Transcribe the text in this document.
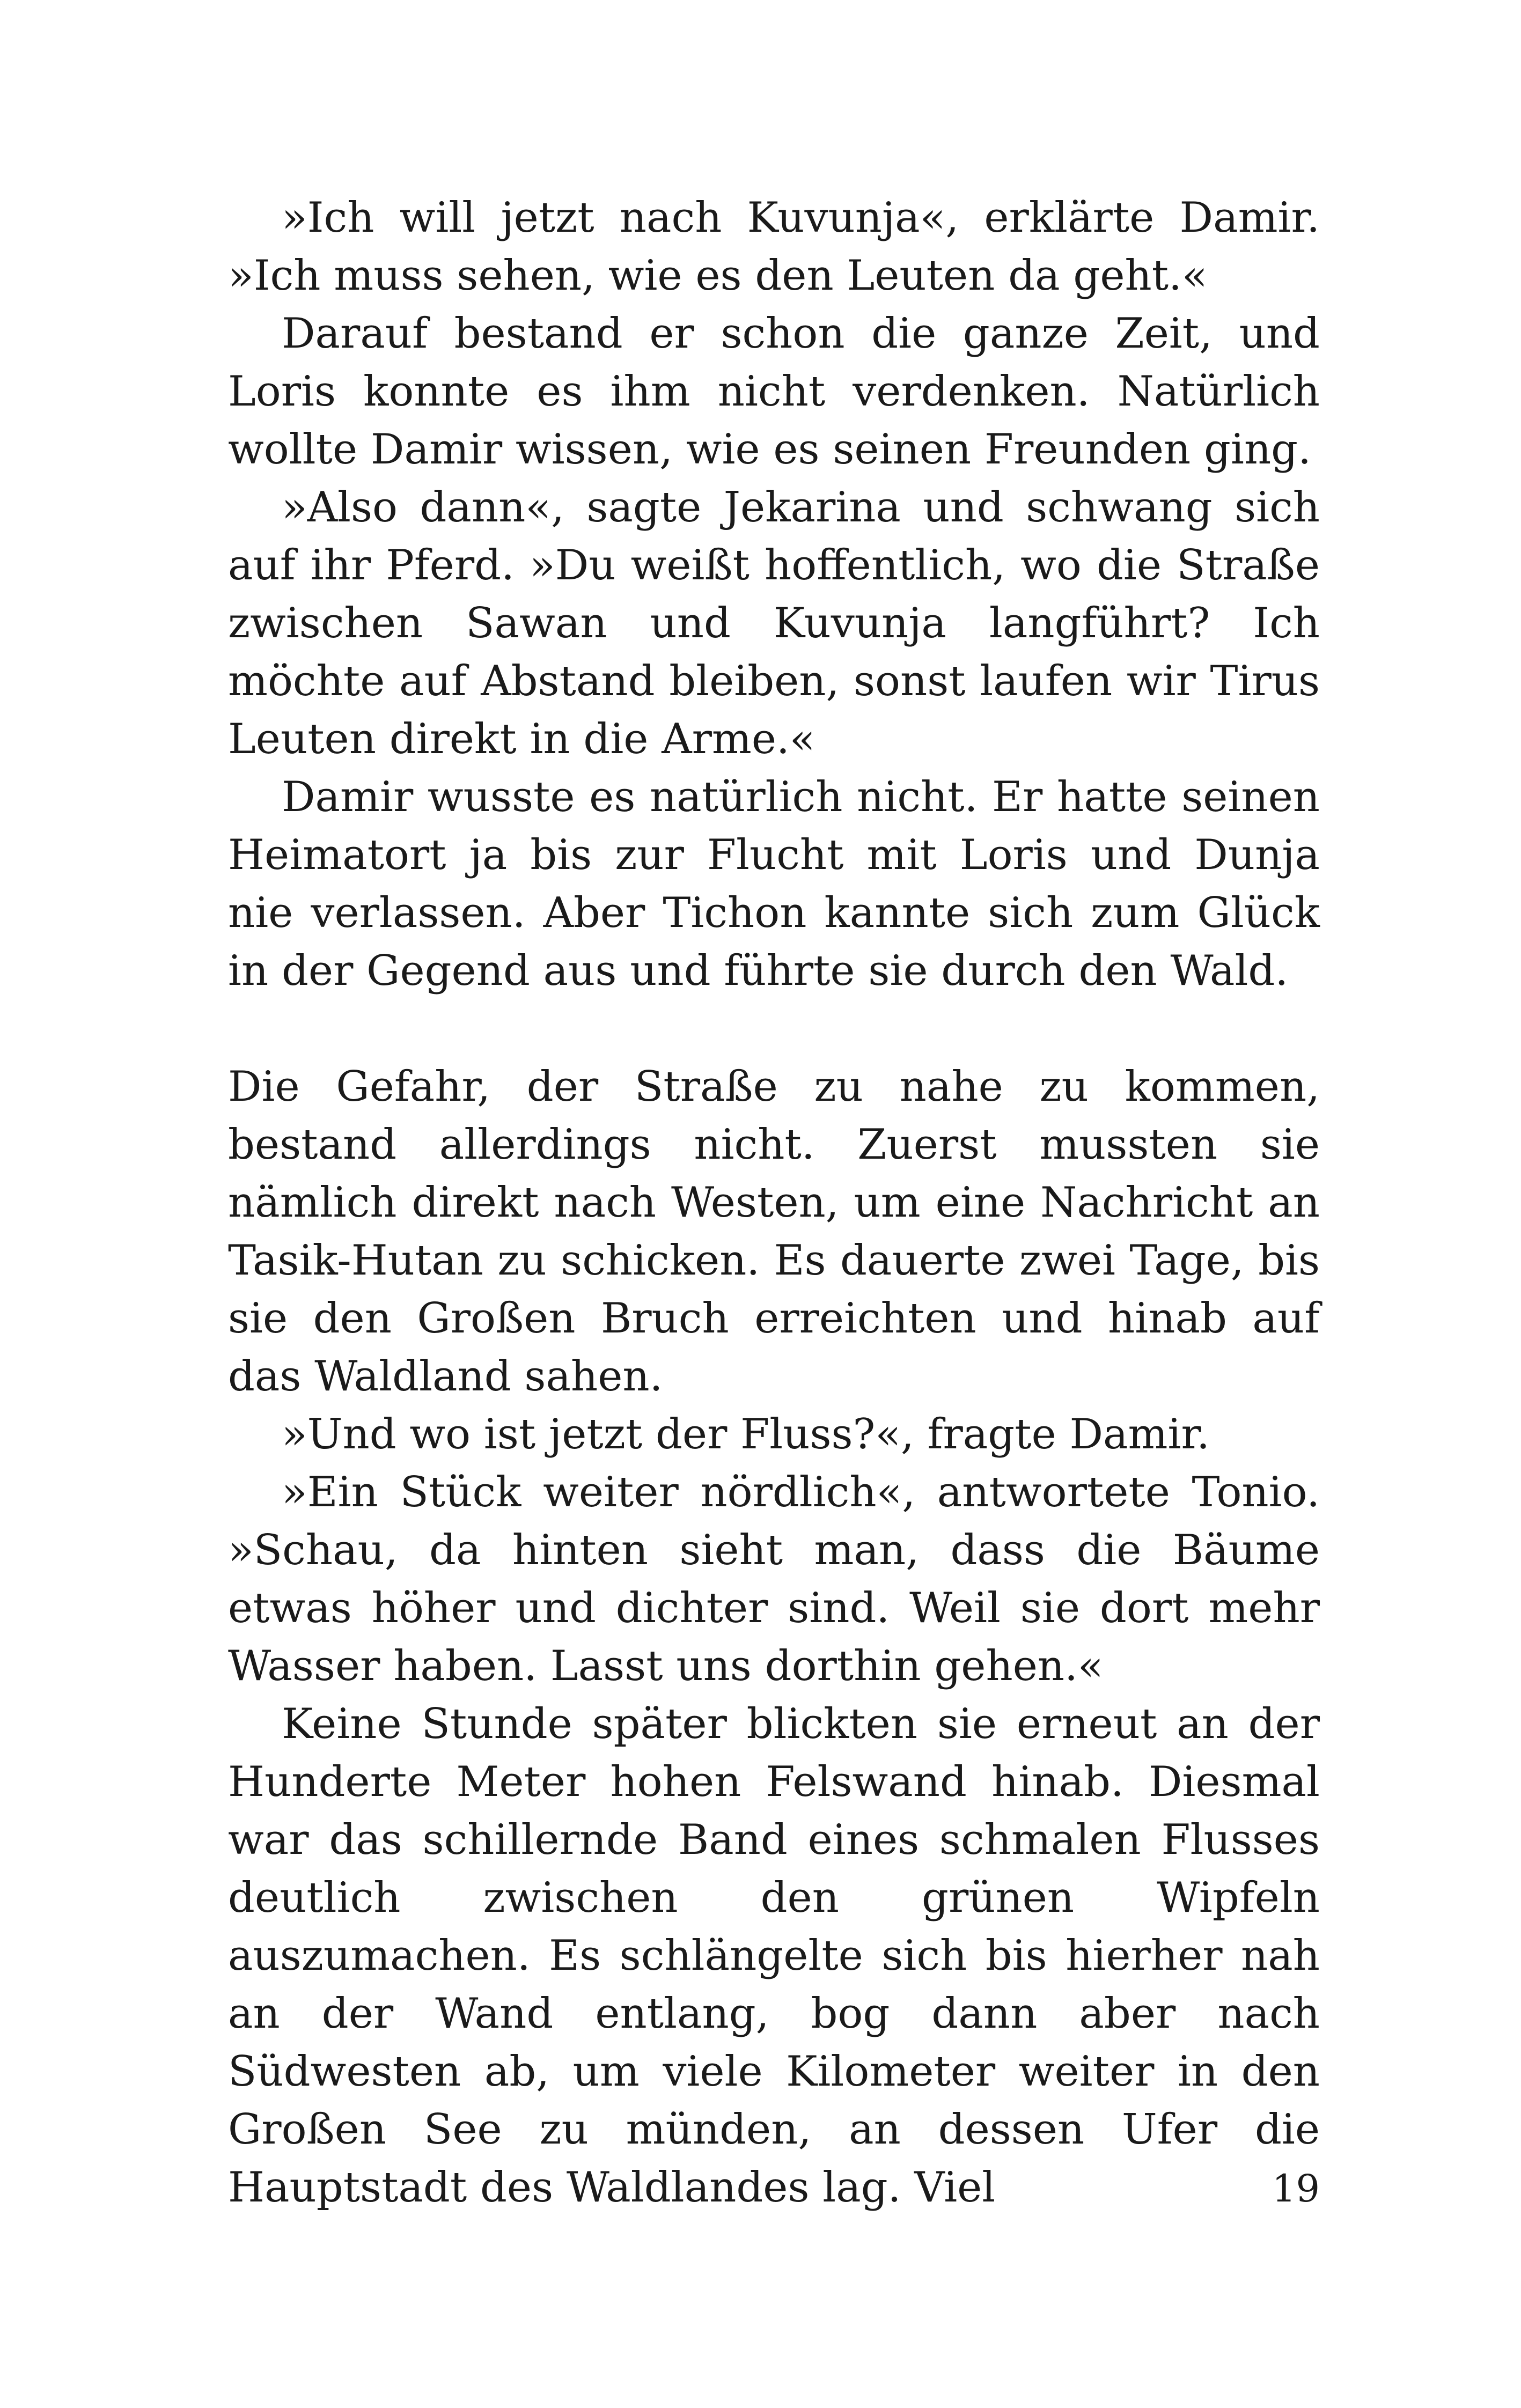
»Ich will jetzt nach Kuvunja«, erklärte Damir. »Ich muss sehen, wie es den Leuten da geht.«

Darauf bestand er schon die ganze Zeit, und Loris konnte es ihm nicht verdenken. Natürlich wollte Damir wissen, wie es seinen Freunden ging.

»Also dann«, sagte Jekarina und schwang sich auf ihr Pferd. »Du weißt hoffentlich, wo die Straße zwischen Sawan und Kuvunja langführt? Ich möchte auf Abstand bleiben, sonst laufen wir Tirus Leuten direkt in die Arme.«

Damir wusste es natürlich nicht. Er hatte seinen Heimatort ja bis zur Flucht mit Loris und Dunja nie verlassen. Aber Tichon kannte sich zum Glück in der Gegend aus und führte sie durch den Wald.

Die Gefahr, der Straße zu nahe zu kommen, bestand allerdings nicht. Zuerst mussten sie nämlich direkt nach Westen, um eine Nachricht an Tasik-Hutan zu schicken. Es dauerte zwei Tage, bis sie den Großen Bruch erreichten und hinab auf das Waldland sahen.

»Und wo ist jetzt der Fluss?«, fragte Damir.

»Ein Stück weiter nördlich«, antwortete Tonio. »Schau, da hinten sieht man, dass die Bäume etwas höher und dichter sind. Weil sie dort mehr Wasser haben. Lasst uns dorthin gehen.«

Keine Stunde später blickten sie erneut an der Hunderte Meter hohen Felswand hinab. Diesmal war das schillernde Band eines schmalen Flusses deutlich zwischen den grünen Wipfeln auszumachen. Es schlängelte sich bis hierher nah an der Wand entlang, bog dann aber nach Südwesten ab, um viele Kilometer weiter in den Großen See zu münden, an dessen Ufer die Hauptstadt des Waldlandes lag. Viel	19
